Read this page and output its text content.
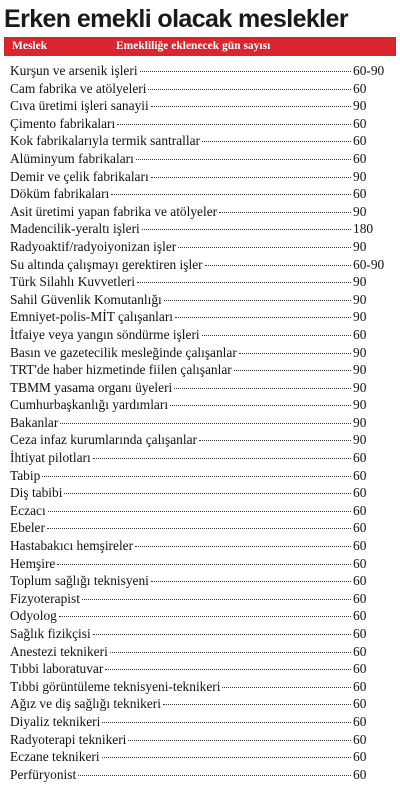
Erken emekli olacak meslekler
Meslek	Emekliliğe eklenecek gün sayısı
Kurşun ve arsenik işleri	60-90
Cam fabrika ve atölyeleri	60
Cıva üretimi işleri sanayii	90
Çimento fabrikaları	60
Kok fabrikalarıyla termik santrallar	60
Alüminyum fabrikaları	60
Demir ve çelik fabrikaları	90
Döküm fabrikaları	60
Asit üretimi yapan fabrika ve atölyeler	90
Madencilik-yeraltı işleri	180
Radyoaktif/radyoiyonizan işler	90
Su altında çalışmayı gerektiren işler	60-90
Türk Silahlı Kuvvetleri	90
Sahil Güvenlik Komutanlığı	90
Emniyet-polis-MİT çalışanları	90
İtfaiye veya yangın söndürme işleri	60
Basın ve gazetecilik mesleğinde çalışanlar	90
TRT'de haber hizmetinde fiilen çalışanlar	90
TBMM yasama organı üyeleri	90
Cumhurbaşkanlığı yardımları	90
Bakanlar	90
Ceza infaz kurumlarında çalışanlar	90
İhtiyat pilotları	60
Tabip	60
Diş tabibi	60
Eczacı	60
Ebeler	60
Hastabakıcı hemşireler	60
Hemşire	60
Toplum sağlığı teknisyeni	60
Fizyoterapist	60
Odyolog	60
Sağlık fizikçisi	60
Anestezi teknikeri	60
Tıbbi laboratuvar	60
Tıbbi görüntüleme teknisyeni-teknikeri	60
Ağız ve diş sağlığı teknikeri	60
Diyaliz teknikeri	60
Radyoterapi teknikeri	60
Eczane teknikeri	60
Perfüryonist	60
